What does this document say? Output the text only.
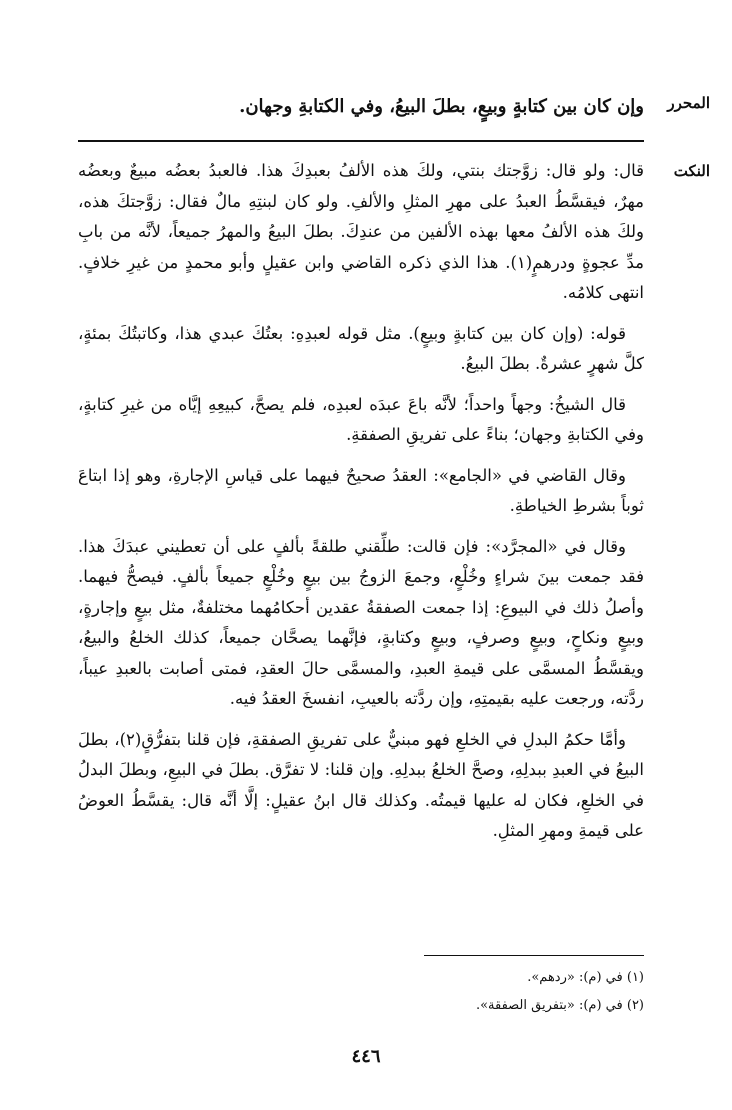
المحرر
وإن كان بين كتابةٍ وبيعٍ، بطلَ البيعُ، وفي الكتابةِ وجهان.
النكت

قال: ولو قال: زوَّجتك بنتي، ولكَ هذه الألفُ بعبدِكَ هذا. فالعبدُ بعضُه مبيعٌ وبعضُه مهرٌ، فيقسَّطُ العبدُ على مهرِ المثلِ والألفِ. ولو كان لبنتِهِ مالٌ فقال: زوَّجتكَ هذه، ولكَ هذه الألفُ معها بهذه الألفين من عندِكَ. بطلَ البيعُ والمهرُ جميعاً، لأنَّه من بابِ مدِّ عجوةٍ ودرهمٍ(١). هذا الذي ذكره القاضي وابن عقيلٍ وأبو محمدٍ من غيرِ خلافٍ. انتهى كلامُه.

قوله: (وإن كان بين كتابةٍ وبيعٍ). مثل قوله لعبدِهِ: بعتُكَ عبدي هذا، وكاتبتُكَ بمئةٍ، كلَّ شهرٍ عشرةٌ. بطلَ البيعُ.

قال الشيخُ: وجهاً واحداً؛ لأنَّه باعَ عبدَه لعبدِه، فلم يصحَّ، كبيعِهِ إيَّاه من غيرِ كتابةٍ، وفي الكتابةِ وجهان؛ بناءً على تفريقِ الصفقةِ.

وقال القاضي في «الجامع»: العقدُ صحيحٌ فيهما على قياسِ الإجارةِ، وهو إذا ابتاعَ ثوباً بشرطِ الخياطةِ.

وقال في «المجرَّد»: فإن قالت: طلِّقني طلقةً بألفٍ على أن تعطيني عبدَكَ هذا. فقد جمعت بينَ شراءٍ وخُلْعٍ، وجمعَ الزوجُ بين بيعٍ وخُلْعٍ جميعاً بألفٍ. فيصحُّ فيهما. وأصلُ ذلك في البيوعِ: إذا جمعت الصفقةُ عقدين أحكامُهما مختلفةٌ، مثل بيعٍ وإجارةٍ، وبيعٍ ونكاحٍ، وبيعٍ وصرفٍ، وبيعٍ وكتابةٍ، فإنَّهما يصحَّان جميعاً، كذلك الخلعُ والبيعُ، ويقسَّطُ المسمَّى على قيمةِ العبدِ، والمسمَّى حالَ العقدِ، فمتى أصابت بالعبدِ عيباً، ردَّته، ورجعت عليه بقيمتِهِ، وإن ردَّته بالعيبِ، انفسخَ العقدُ فيه.

وأمَّا حكمُ البدلِ في الخلعِ فهو مبنيٌّ على تفريقِ الصفقةِ، فإن قلنا بتفرُّقٍ(٢)، بطلَ البيعُ في العبدِ ببدلِهِ، وصحَّ الخلعُ ببدلِهِ. وإن قلنا: لا تفرَّق. بطلَ في البيعِ، وبطلَ البدلُ في الخلعِ، فكان له عليها قيمتُه. وكذلك قال ابنُ عقيلٍ: إلَّا أنَّه قال: يقسَّطُ العوضُ على قيمةِ ومهرِ المثلِ.

(١) في (م): «ردهم».
(٢) في (م): «بتفريق الصفقة».
٤٤٦
